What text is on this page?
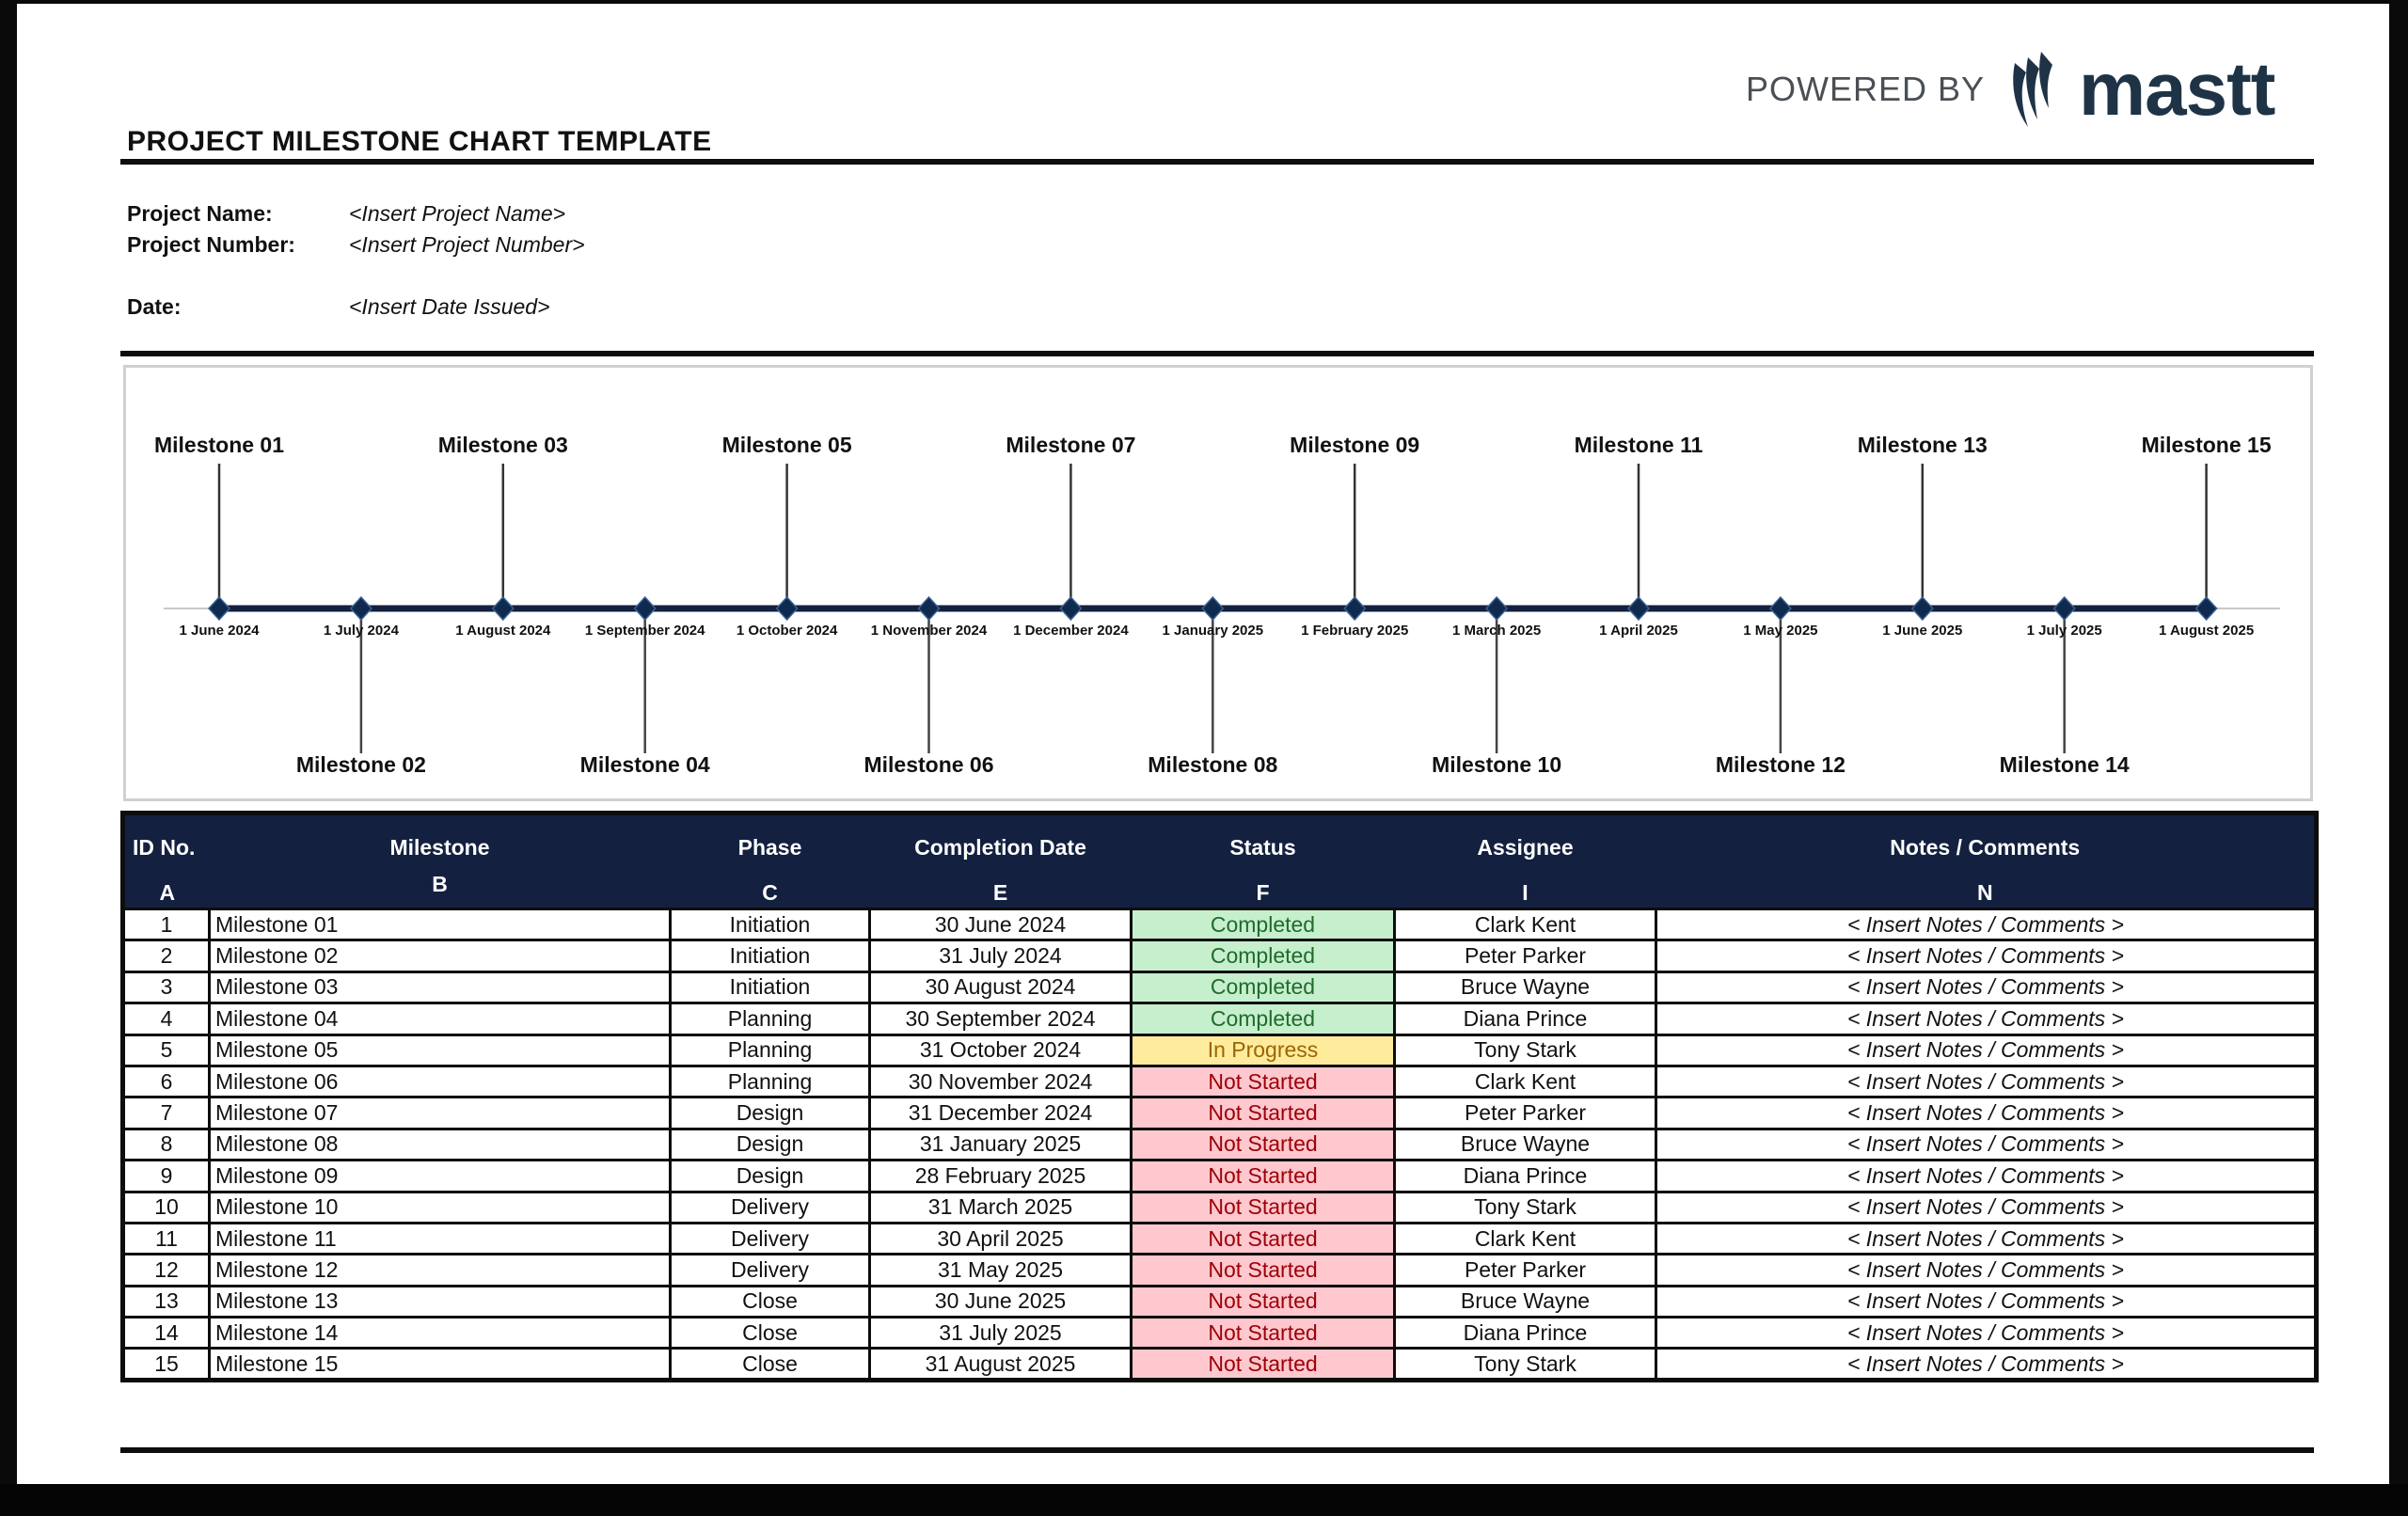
POWERED BY mastt
PROJECT MILESTONE CHART TEMPLATE
Project Name:	<Insert Project Name>
Project Number:	<Insert Project Number>
Date:	<Insert Date Issued>
1 June 2024
Milestone 01
1 July 2024
Milestone 02
1 August 2024
Milestone 03
1 September 2024
Milestone 04
1 October 2024
Milestone 05
1 November 2024
Milestone 06
1 December 2024
Milestone 07
1 January 2025
Milestone 08
1 February 2025
Milestone 09
1 March 2025
Milestone 10
1 April 2025
Milestone 11
1 May 2025
Milestone 12
1 June 2025
Milestone 13
1 July 2025
Milestone 14
1 August 2025
Milestone 15
ID No.	Milestone	Phase	Completion Date	Status	Assignee	Notes / Comments
A	B	C	E	F	I	N
1	Milestone 01	Initiation	30 June 2024	Completed	Clark Kent	< Insert Notes / Comments >
2	Milestone 02	Initiation	31 July 2024	Completed	Peter Parker	< Insert Notes / Comments >
3	Milestone 03	Initiation	30 August 2024	Completed	Bruce Wayne	< Insert Notes / Comments >
4	Milestone 04	Planning	30 September 2024	Completed	Diana Prince	< Insert Notes / Comments >
5	Milestone 05	Planning	31 October 2024	In Progress	Tony Stark	< Insert Notes / Comments >
6	Milestone 06	Planning	30 November 2024	Not Started	Clark Kent	< Insert Notes / Comments >
7	Milestone 07	Design	31 December 2024	Not Started	Peter Parker	< Insert Notes / Comments >
8	Milestone 08	Design	31 January 2025	Not Started	Bruce Wayne	< Insert Notes / Comments >
9	Milestone 09	Design	28 February 2025	Not Started	Diana Prince	< Insert Notes / Comments >
10	Milestone 10	Delivery	31 March 2025	Not Started	Tony Stark	< Insert Notes / Comments >
11	Milestone 11	Delivery	30 April 2025	Not Started	Clark Kent	< Insert Notes / Comments >
12	Milestone 12	Delivery	31 May 2025	Not Started	Peter Parker	< Insert Notes / Comments >
13	Milestone 13	Close	30 June 2025	Not Started	Bruce Wayne	< Insert Notes / Comments >
14	Milestone 14	Close	31 July 2025	Not Started	Diana Prince	< Insert Notes / Comments >
15	Milestone 15	Close	31 August 2025	Not Started	Tony Stark	< Insert Notes / Comments >
